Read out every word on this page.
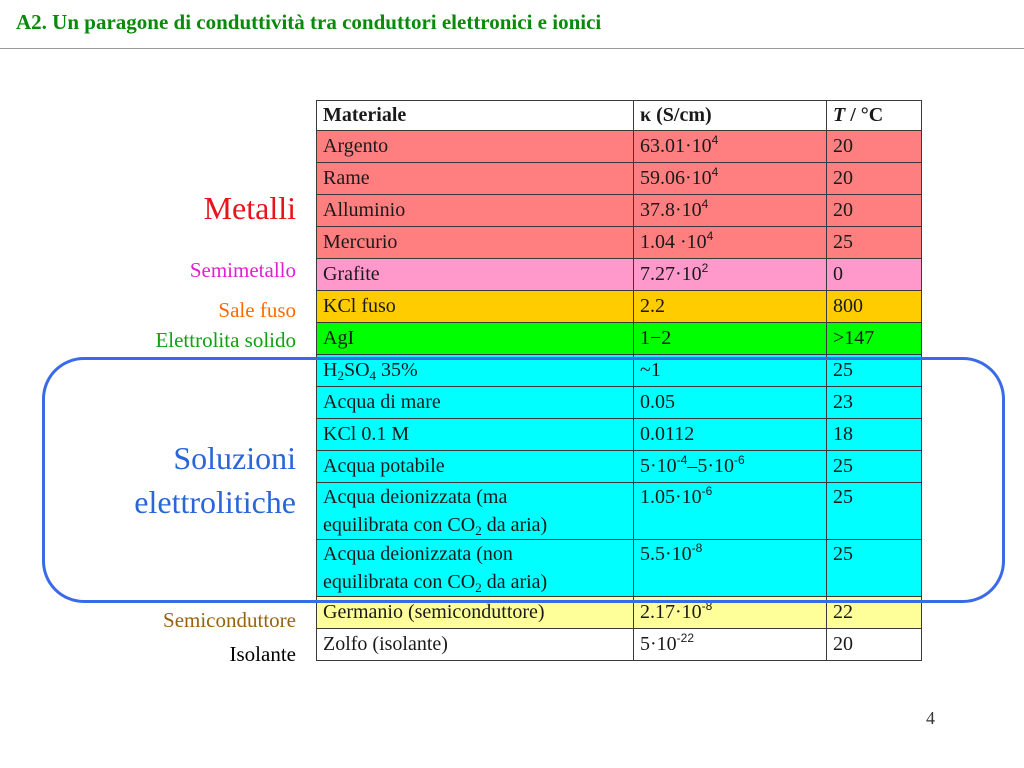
A2. Un paragone di conduttività tra conduttori elettronici e ionici
Materiale	κ (S/cm)	T / °C
Argento	$63.01\cdot 10^4$	20
Rame	$59.06\cdot 10^4$	20
Alluminio	$37.8\cdot 10^4$	20
Mercurio	$1.04 \cdot 10^4$	25
Grafite	$7.27\cdot 10^2$	0
KCl fuso	2.2	800
AgI	1−2	>147
$H_2SO_4$ 35%	~1	25
Acqua di mare	0.05	23
KCl 0.1 M	0.0112	18
Acqua potabile	$5\cdot 10^{-4}-5\cdot 10^{-6}$	25
Acqua deionizzata (ma
equilibrata con $CO_2$ da aria)	$1.05\cdot 10^{-6}$	25
Acqua deionizzata (non
equilibrata con $CO_2$ da aria)	$5.5\cdot 10^{-8}$	25
Germanio (semiconduttore)	$2.17\cdot 10^{-8}$	22
Zolfo (isolante)	$5\cdot 10^{-22}$	20
Metalli
Semimetallo
Sale fuso
Elettrolita solido
Soluzioni
elettrolitiche
Semiconduttore
Isolante
4
